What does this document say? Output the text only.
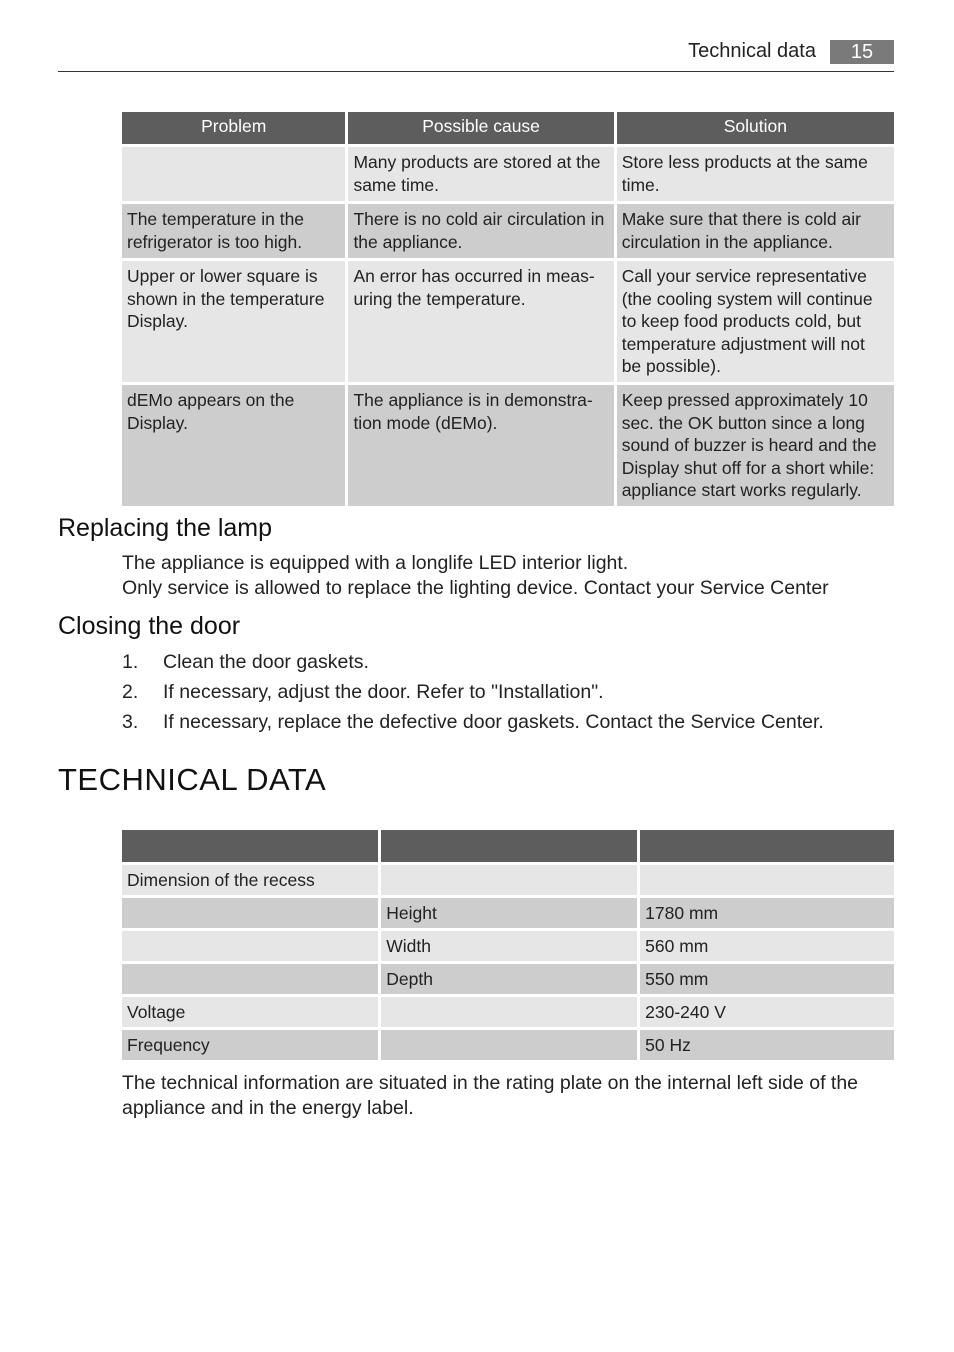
Technical data	15
Problem	Possible cause	Solution
	Many products are stored at the same time.	Store less products at the same time.
The temperature in the refrigerator is too high.	There is no cold air circulation in the appliance.	Make sure that there is cold air circulation in the appliance.
Upper or lower square is shown in the temperature Display.	An error has occurred in meas-uring the temperature.	Call your service representative (the cooling system will continue to keep food products cold, but temperature adjustment will not be possible).
dEMo appears on the Display.	The appliance is in demonstra-tion mode (dEMo).	Keep pressed approximately 10 sec. the OK button since a long sound of buzzer is heard and the Display shut off for a short while: appliance start works regularly.
Replacing the lamp

The appliance is equipped with a longlife LED interior light.

Only service is allowed to replace the lighting device. Contact your Service Center

Closing the door
1.	Clean the door gaskets.
2.	If necessary, adjust the door. Refer to "Installation".
3.	If necessary, replace the defective door gaskets. Contact the Service Center.
TECHNICAL DATA

Dimension of the recess		
	Height	1780 mm
	Width	560 mm
	Depth	550 mm
Voltage		230-240 V
Frequency		50 Hz

The technical information are situated in the rating plate on the internal left side of the appliance and in the energy label.
